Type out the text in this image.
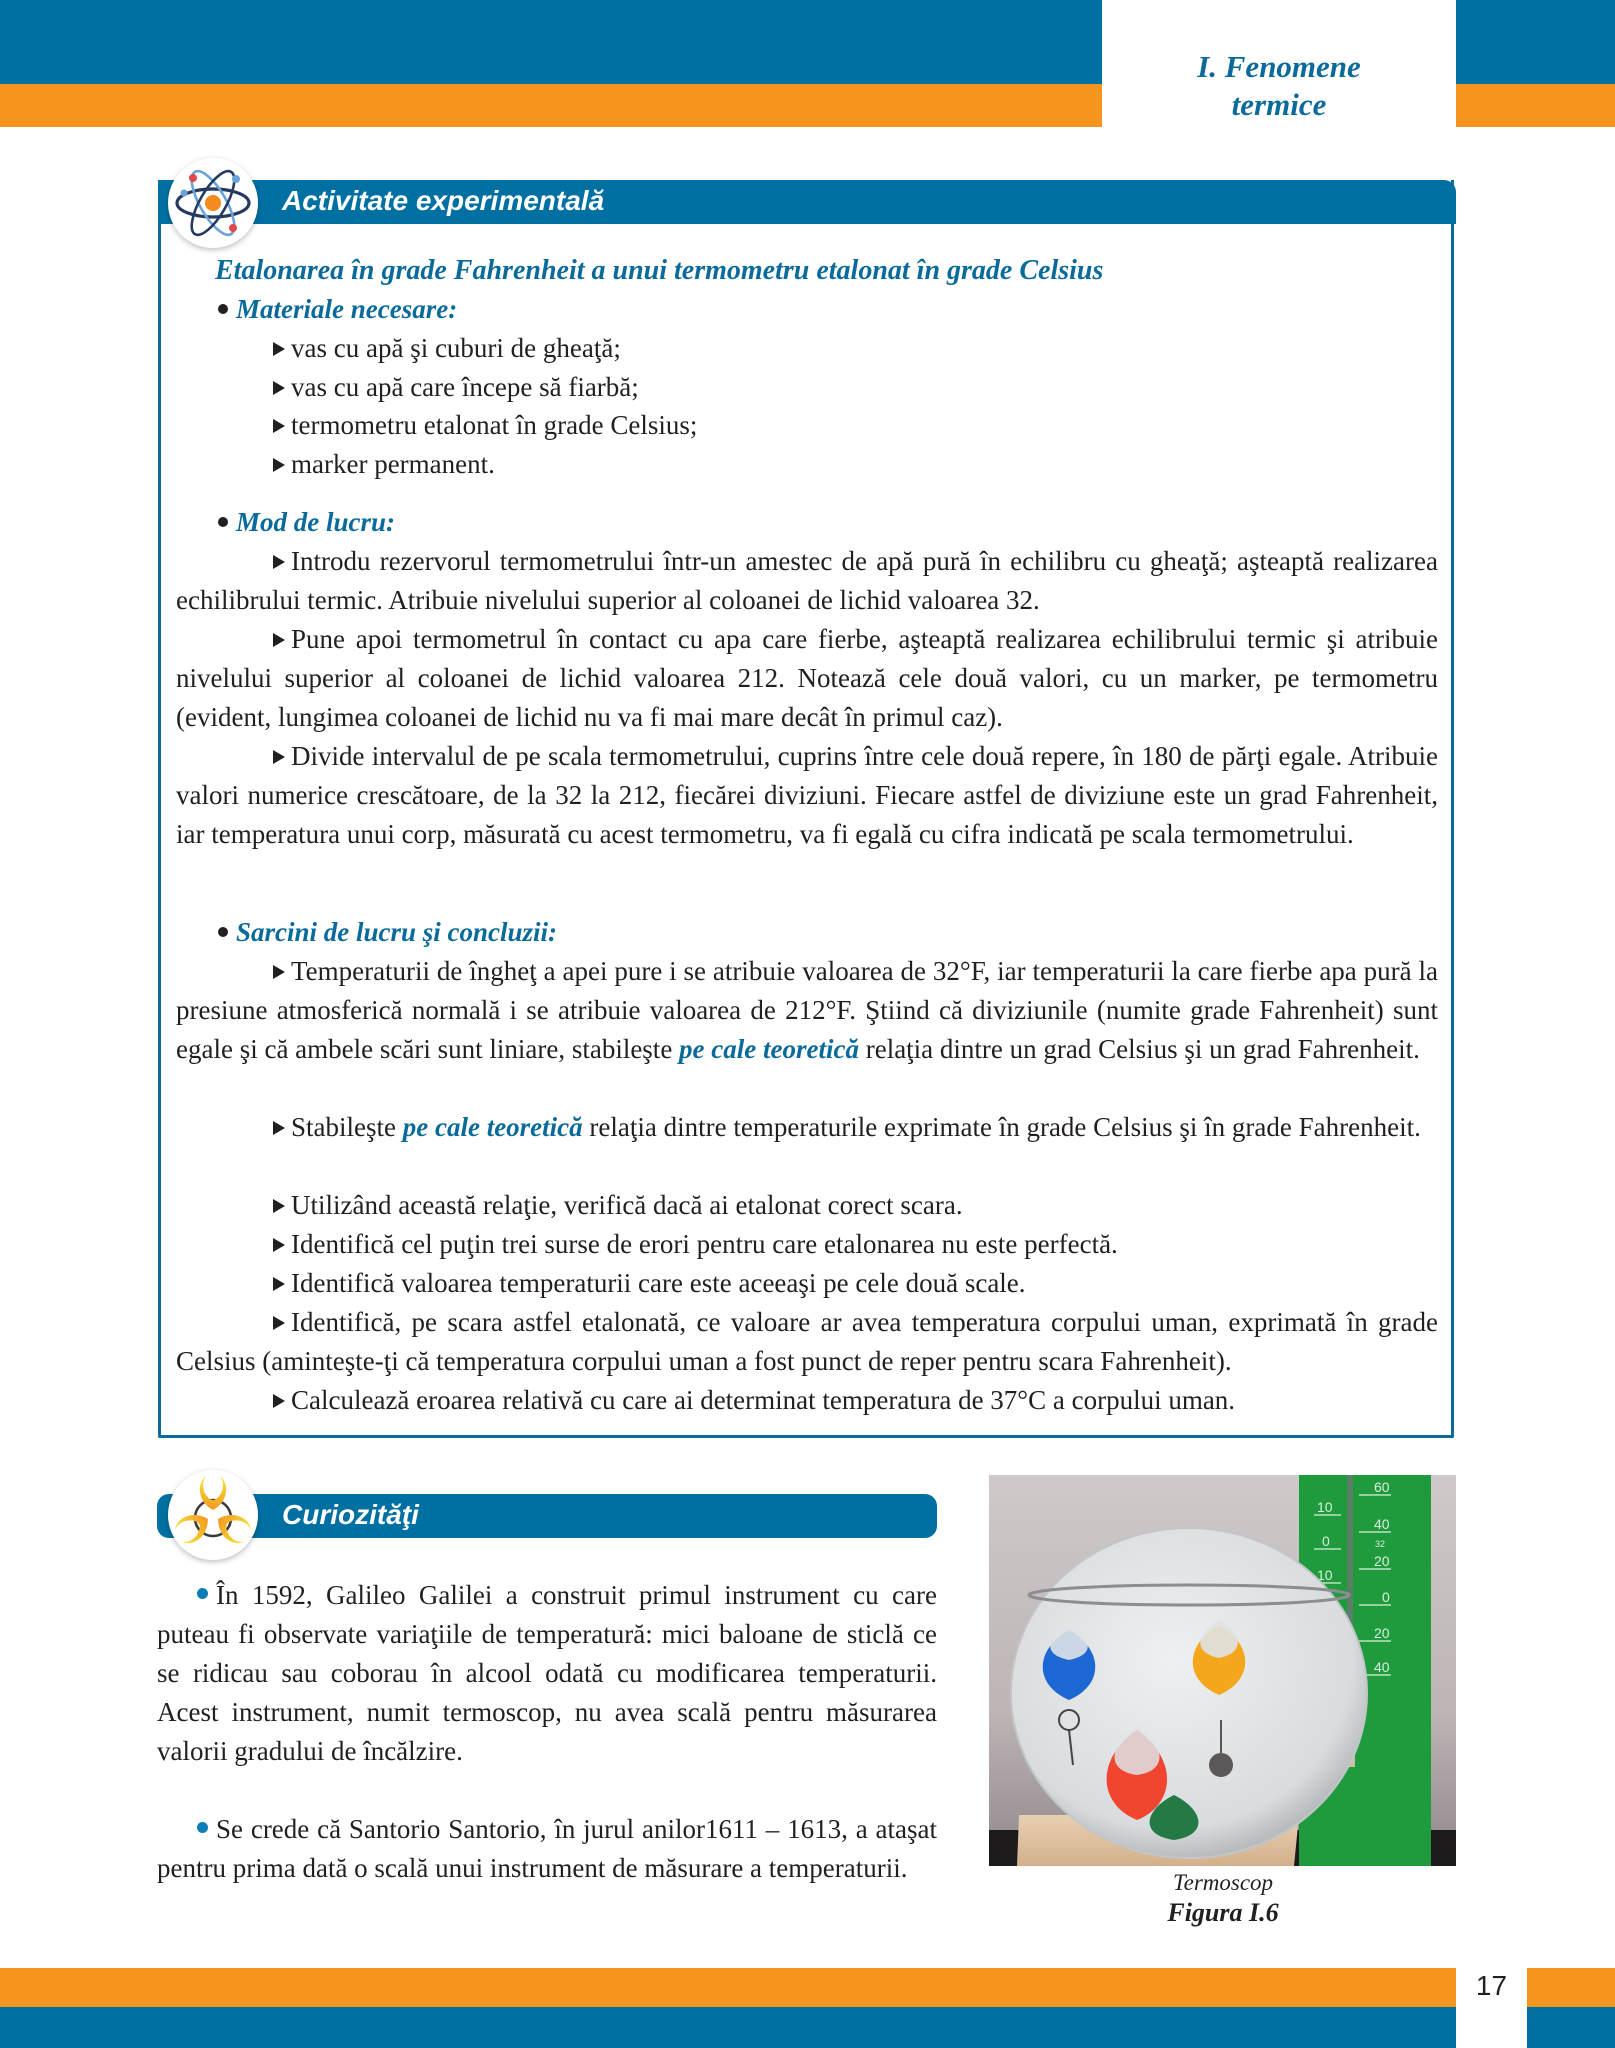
I. Fenomene
termice
Activitate experimentală
Etalonarea în grade Fahrenheit a unui termometru etalonat în grade Celsius
Materiale necesare:
vas cu apă şi cuburi de gheaţă;
vas cu apă care începe să fiarbă;
termometru etalonat în grade Celsius;
marker permanent.
Mod de lucru:
Introdu rezervorul termometrului într-un amestec de apă pură în echilibru cu gheaţă; aşteaptă realizarea echilibrului termic. Atribuie nivelului superior al coloanei de lichid valoarea 32.
Pune apoi termometrul în contact cu apa care fierbe, aşteaptă realizarea echilibrului termic şi atribuie nivelului superior al coloanei de lichid valoarea 212. Notează cele două valori, cu un marker, pe termometru (evident, lungimea coloanei de lichid nu va fi mai mare decât în primul caz).
Divide intervalul de pe scala termometrului, cuprins între cele două repere, în 180 de părţi egale. Atribuie valori numerice crescătoare, de la 32 la 212, fiecărei diviziuni. Fiecare astfel de diviziune este un grad Fahrenheit, iar temperatura unui corp, măsurată cu acest termometru, va fi egală cu cifra indicată pe scala termometrului.
Sarcini de lucru şi concluzii:
Temperaturii de îngheţ a apei pure i se atribuie valoarea de 32°F, iar temperaturii la care fierbe apa pură la presiune atmosferică normală i se atribuie valoarea de 212°F. Ştiind că diviziunile (numite grade Fahrenheit) sunt egale şi că ambele scări sunt liniare, stabileşte pe cale teoretică relaţia dintre un grad Celsius şi un grad Fahrenheit.
Stabileşte pe cale teoretică relaţia dintre temperaturile exprimate în grade Celsius şi în grade Fahrenheit.
Utilizând această relaţie, verifică dacă ai etalonat corect scara.
Identifică cel puţin trei surse de erori pentru care etalonarea nu este perfectă.
Identifică valoarea temperaturii care este aceeaşi pe cele două scale.
Identifică, pe scara astfel etalonată, ce valoare ar avea temperatura corpului uman, exprimată în grade Celsius (aminteşte-ţi că temperatura corpului uman a fost punct de reper pentru scara Fahrenheit).
Calculează eroarea relativă cu care ai determinat temperatura de 37°C a corpului uman.
Curiozităţi
În 1592, Galileo Galilei a construit primul instrument cu care puteau fi observate variaţiile de temperatură: mici baloane de sticlă ce se ridicau sau coborau în alcool odată cu modificarea temperaturii. Acest instrument, numit termoscop, nu avea scală pentru măsurarea valorii gradului de încălzire.
Se crede că Santorio Santorio, în jurul anilor1611 – 1613, a ataşat pentru prima dată o scală unui instrument de măsurare a temperaturii.
10
0
10
60
40
32
20
0
20
40
Termoscop
Figura I.6
17
